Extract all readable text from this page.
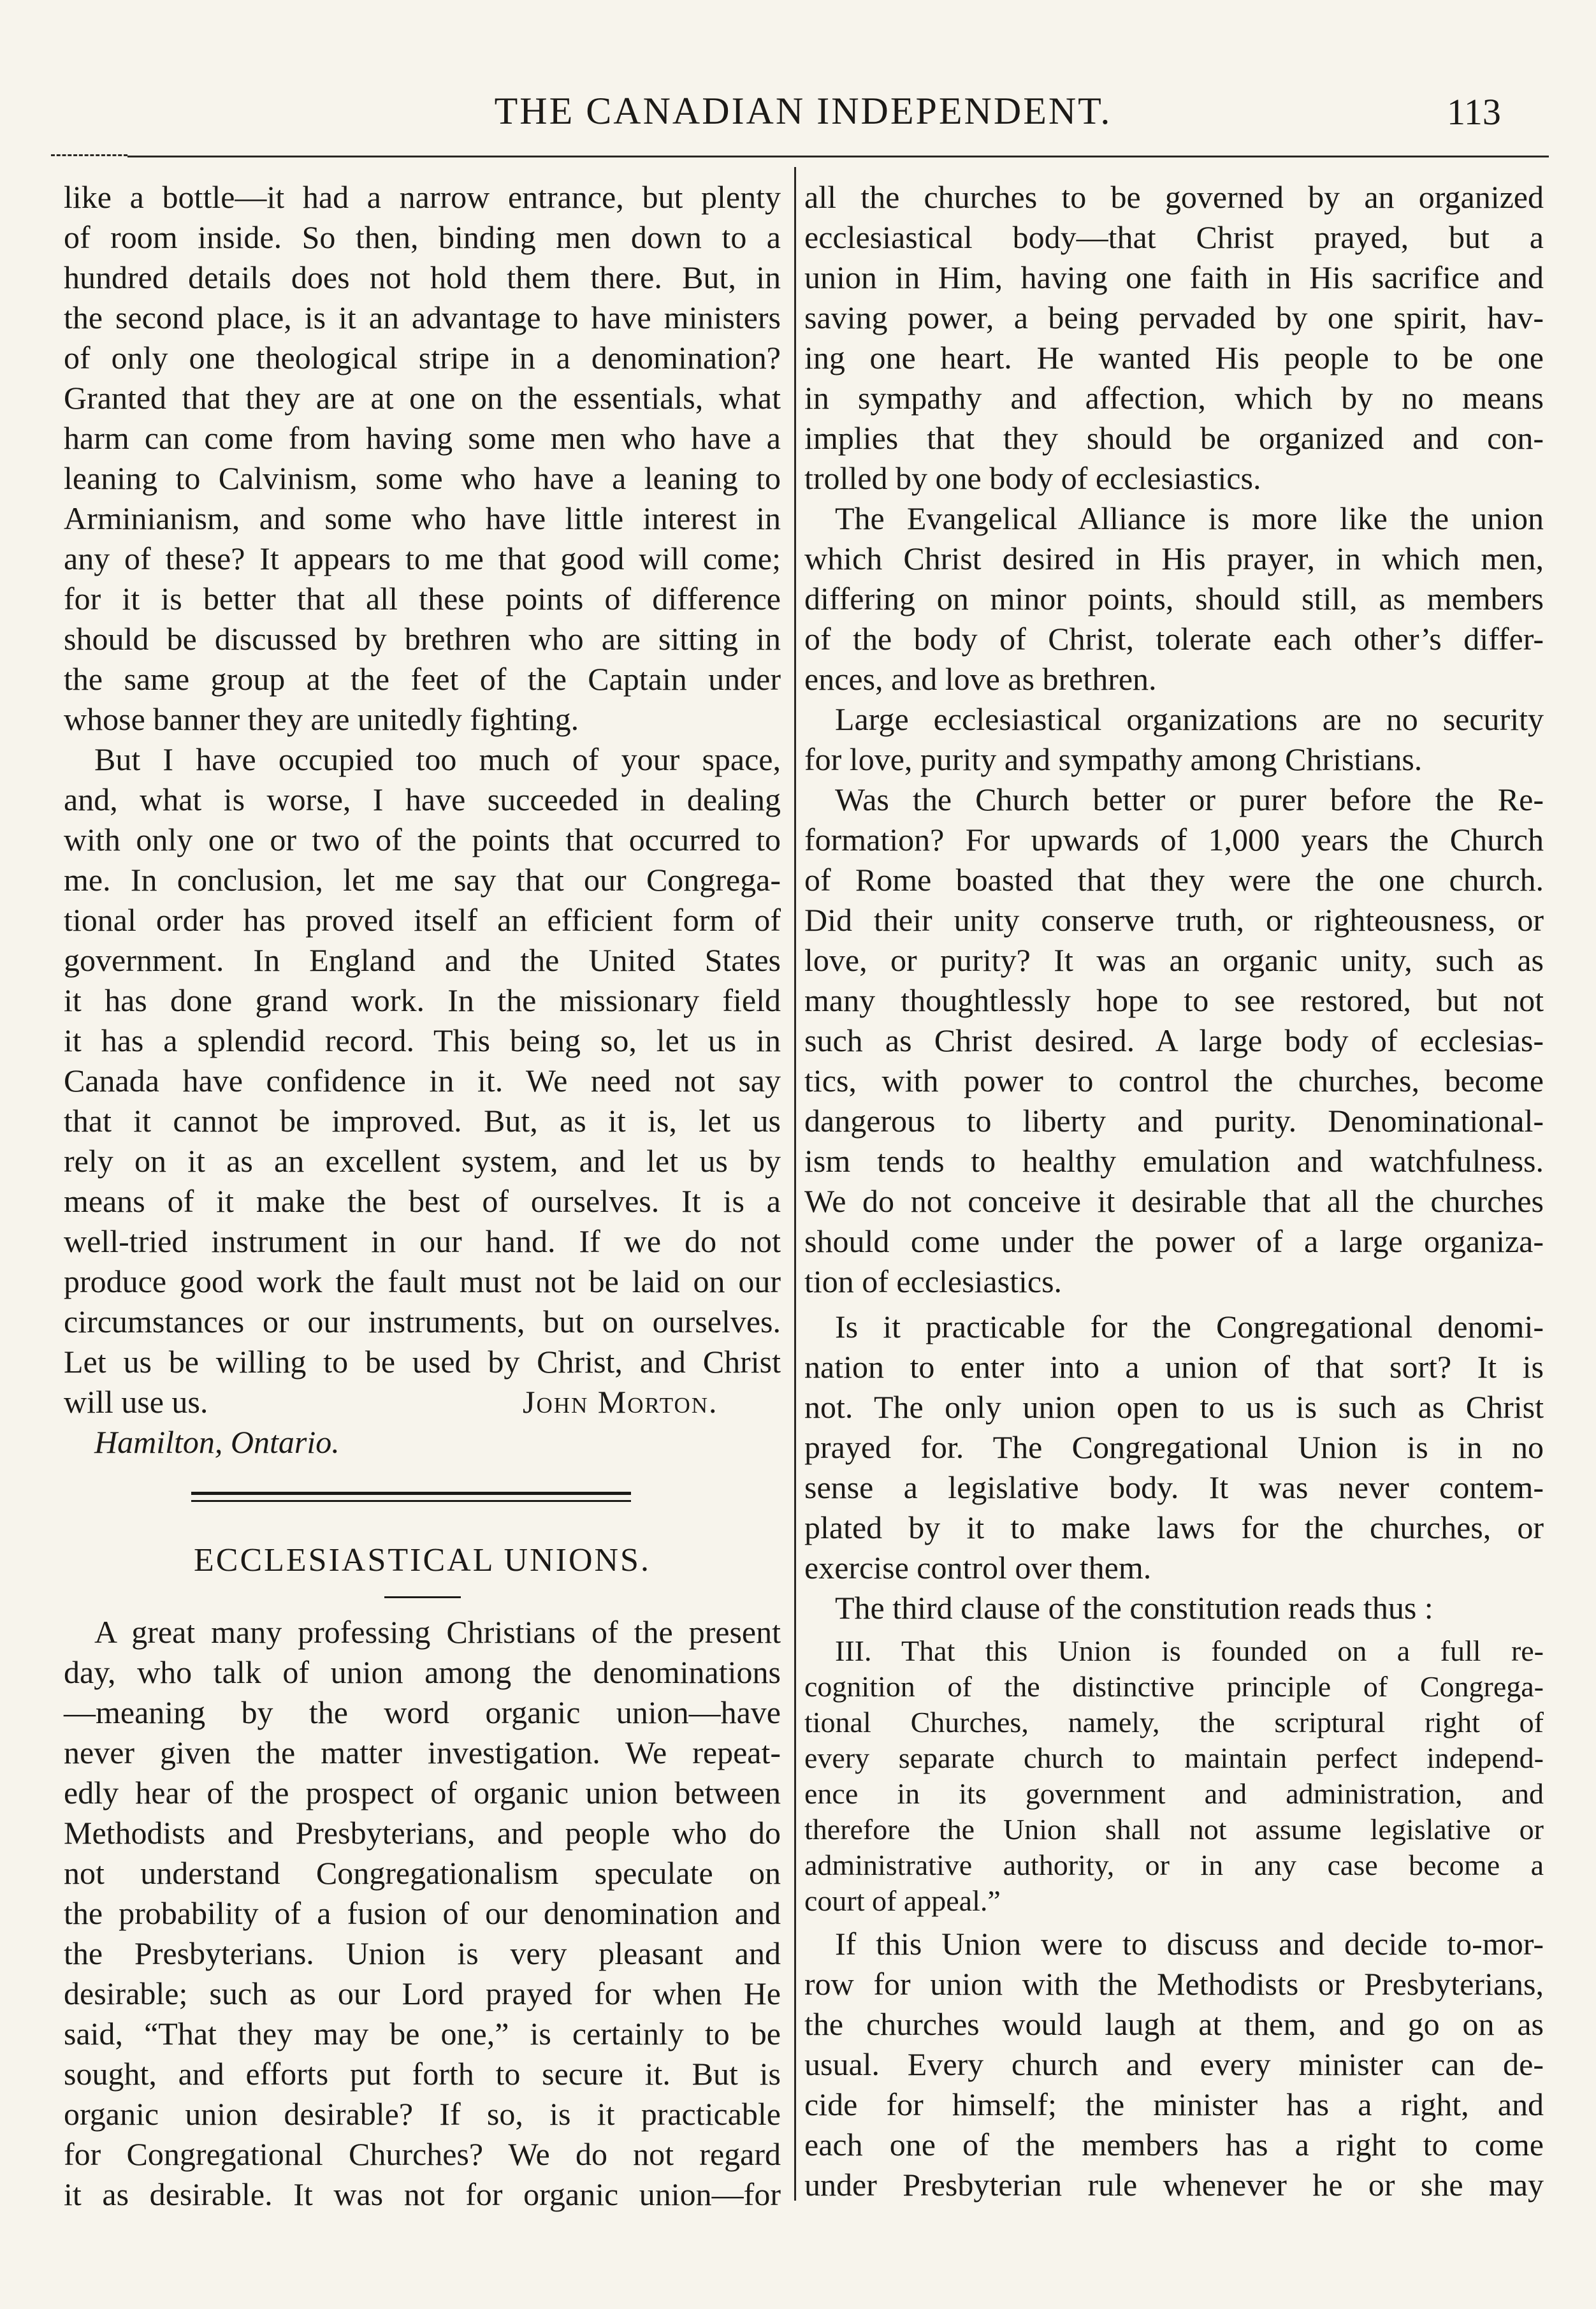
THE CANADIAN INDEPENDENT.	113
like a bottle—it had a narrow entrance, but plenty
of room inside. So then, binding men down to a
hundred details does not hold them there. But, in
the second place, is it an advantage to have ministers
of only one theological stripe in a denomination?
Granted that they are at one on the essentials, what
harm can come from having some men who have a
leaning to Calvinism, some who have a leaning to
Arminianism, and some who have little interest in
any of these? It appears to me that good will come;
for it is better that all these points of difference
should be discussed by brethren who are sitting in
the same group at the feet of the Captain under
whose banner they are unitedly fighting.
But I have occupied too much of your space,
and, what is worse, I have succeeded in dealing
with only one or two of the points that occurred to
me. In conclusion, let me say that our Congrega-
tional order has proved itself an efficient form of
government. In England and the United States
it has done grand work. In the missionary field
it has a splendid record. This being so, let us in
Canada have confidence in it. We need not say
that it cannot be improved. But, as it is, let us
rely on it as an excellent system, and let us by
means of it make the best of ourselves. It is a
well-tried instrument in our hand. If we do not
produce good work the fault must not be laid on our
circumstances or our instruments, but on ourselves.
Let us be willing to be used by Christ, and Christ
will use us.	John Morton.
Hamilton, Ontario.
ECCLESIASTICAL UNIONS.
A great many professing Christians of the present
day, who talk of union among the denominations
—meaning by the word organic union—have
never given the matter investigation. We repeat-
edly hear of the prospect of organic union between
Methodists and Presbyterians, and people who do
not understand Congregationalism speculate on
the probability of a fusion of our denomination and
the Presbyterians. Union is very pleasant and
desirable; such as our Lord prayed for when He
said, “That they may be one,” is certainly to be
sought, and efforts put forth to secure it. But is
organic union desirable? If so, is it practicable
for Congregational Churches? We do not regard
it as desirable. It was not for organic union—for
all the churches to be governed by an organized
ecclesiastical body—that Christ prayed, but a
union in Him, having one faith in His sacrifice and
saving power, a being pervaded by one spirit, hav-
ing one heart. He wanted His people to be one
in sympathy and affection, which by no means
implies that they should be organized and con-
trolled by one body of ecclesiastics.
The Evangelical Alliance is more like the union
which Christ desired in His prayer, in which men,
differing on minor points, should still, as members
of the body of Christ, tolerate each other’s differ-
ences, and love as brethren.
Large ecclesiastical organizations are no security
for love, purity and sympathy among Christians.
Was the Church better or purer before the Re-
formation? For upwards of 1,000 years the Church
of Rome boasted that they were the one church.
Did their unity conserve truth, or righteousness, or
love, or purity? It was an organic unity, such as
many thoughtlessly hope to see restored, but not
such as Christ desired. A large body of ecclesias-
tics, with power to control the churches, become
dangerous to liberty and purity. Denominational-
ism tends to healthy emulation and watchfulness.
We do not conceive it desirable that all the churches
should come under the power of a large organiza-
tion of ecclesiastics.
Is it practicable for the Congregational denomi-
nation to enter into a union of that sort? It is
not. The only union open to us is such as Christ
prayed for. The Congregational Union is in no
sense a legislative body. It was never contem-
plated by it to make laws for the churches, or
exercise control over them.
The third clause of the constitution reads thus :
III. That this Union is founded on a full re-
cognition of the distinctive principle of Congrega-
tional Churches, namely, the scriptural right of
every separate church to maintain perfect independ-
ence in its government and administration, and
therefore the Union shall not assume legislative or
administrative authority, or in any case become a
court of appeal.”
If this Union were to discuss and decide to-mor-
row for union with the Methodists or Presbyterians,
the churches would laugh at them, and go on as
usual. Every church and every minister can de-
cide for himself; the minister has a right, and
each one of the members has a right to come
under Presbyterian rule whenever he or she may
